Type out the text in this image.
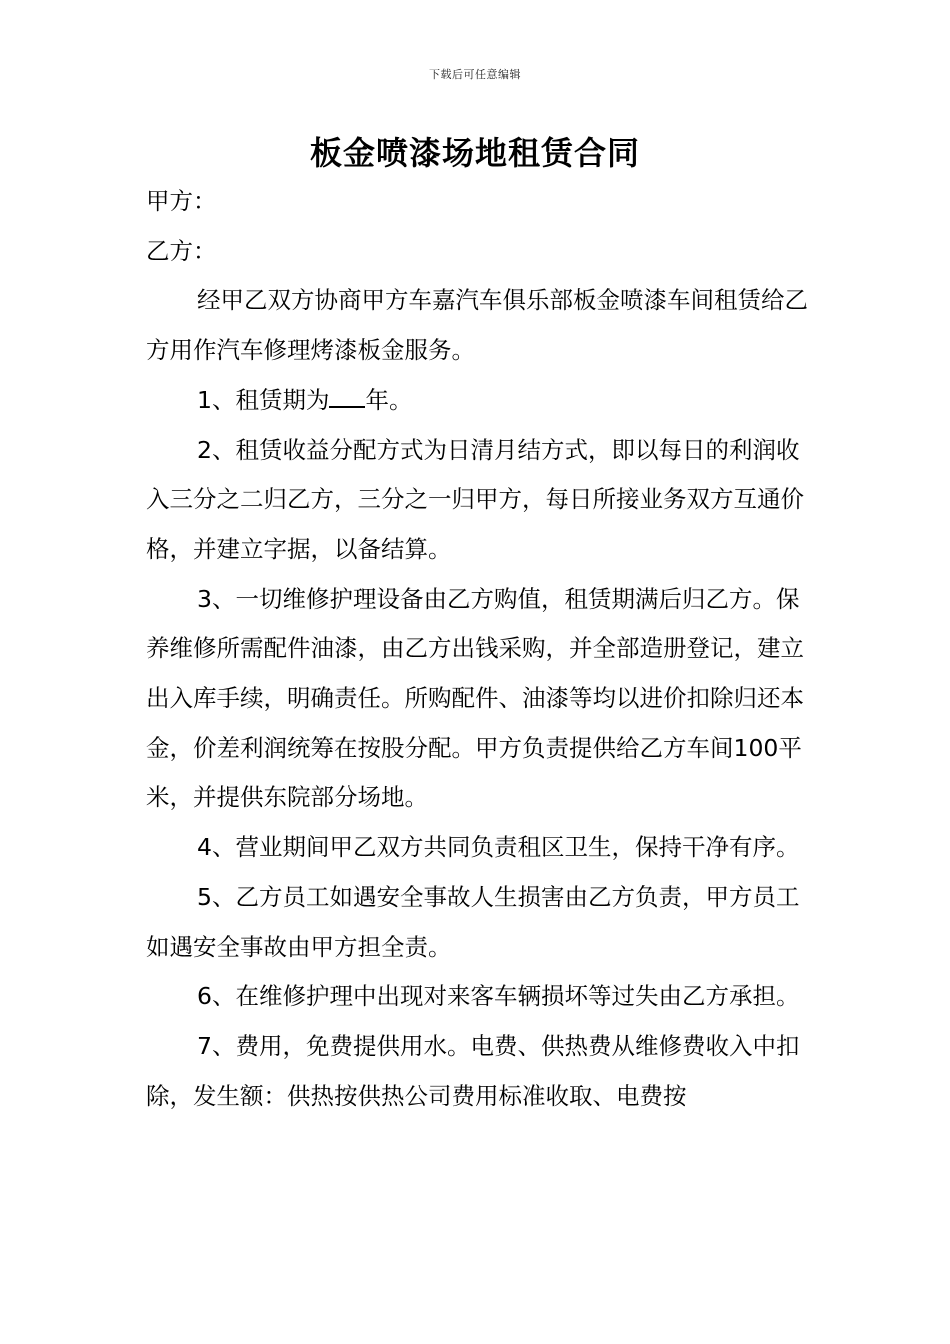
下载后可任意编辑
板金喷漆场地租赁合同

甲方：

乙方：

经甲乙双方协商甲方车嘉汽车俱乐部板金喷漆车间租赁给乙方用作汽车修理烤漆板金服务。

1、租赁期为 年。

2、租赁收益分配方式为日清月结方式，即以每日的利润收入三分之二归乙方，三分之一归甲方，每日所接业务双方互通价格，并建立字据，以备结算。

3、一切维修护理设备由乙方购值，租赁期满后归乙方。保养维修所需配件油漆，由乙方出钱采购，并全部造册登记，建立出入库手续，明确责任。所购配件、油漆等均以进价扣除归还本金，价差利润统筹在按股分配。甲方负责提供给乙方车间100平米，并提供东院部分场地。

4、营业期间甲乙双方共同负责租区卫生，保持干净有序。

5、乙方员工如遇安全事故人生损害由乙方负责，甲方员工如遇安全事故由甲方担全责。

6、在维修护理中出现对来客车辆损坏等过失由乙方承担。

7、费用，免费提供用水。电费、供热费从维修费收入中扣除，发生额：供热按供热公司费用标准收取、电费按
